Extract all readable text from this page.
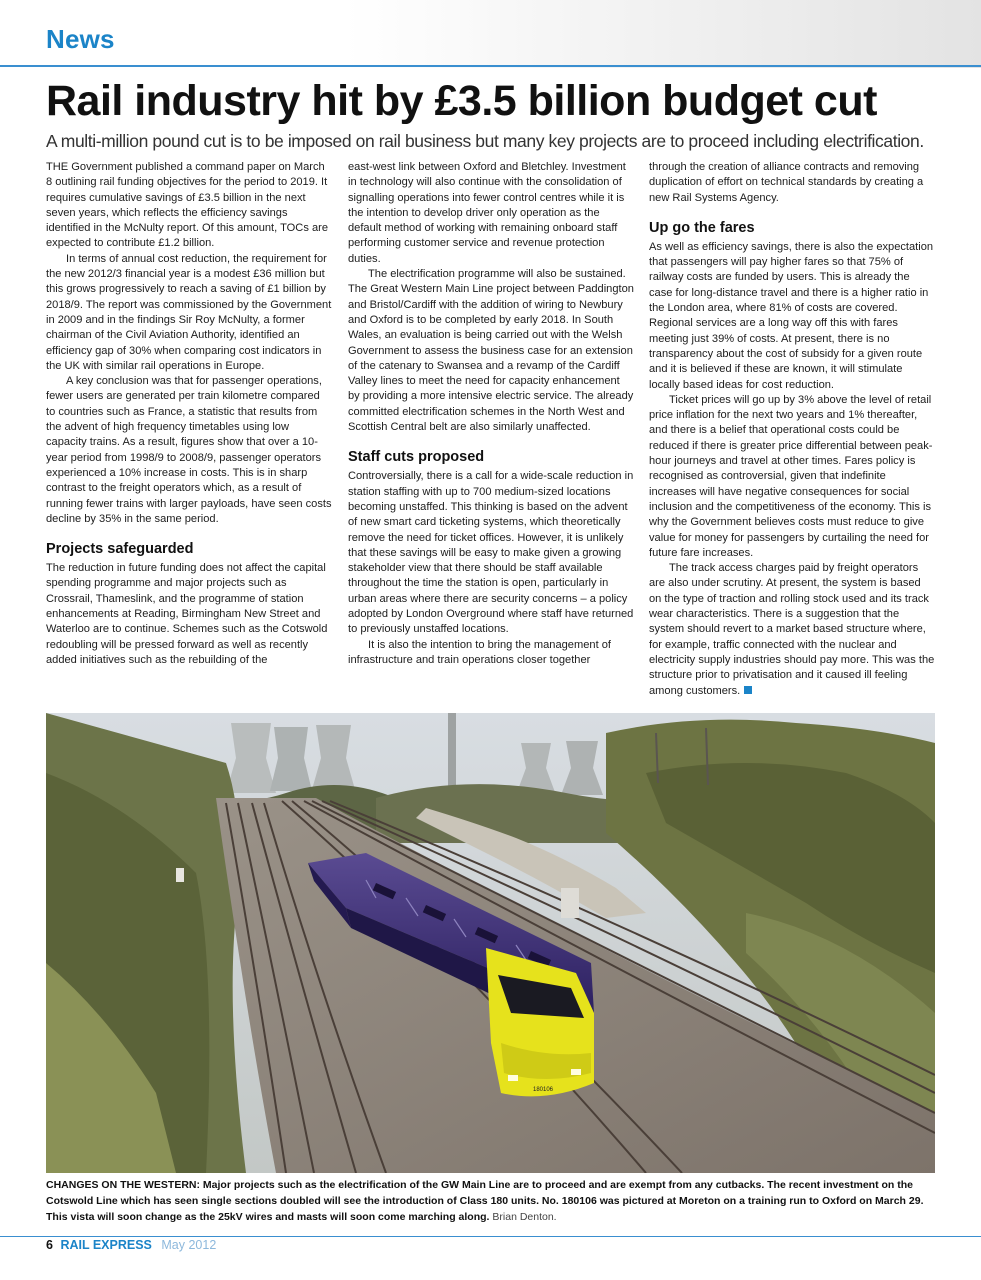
News
Rail industry hit by £3.5 billion budget cut
A multi-million pound cut is to be imposed on rail business but many key projects are to proceed including electrification.

THE Government published a command paper on March 8 outlining rail funding objectives for the period to 2019. It requires cumulative savings of £3.5 billion in the next seven years, which reflects the efficiency savings identified in the McNulty report. Of this amount, TOCs are expected to contribute £1.2 billion.

In terms of annual cost reduction, the requirement for the new 2012/3 financial year is a modest £36 million but this grows progressively to reach a saving of £1 billion by 2018/9. The report was commissioned by the Government in 2009 and in the findings Sir Roy McNulty, a former chairman of the Civil Aviation Authority, identified an efficiency gap of 30% when comparing cost indicators in the UK with similar rail operations in Europe.

A key conclusion was that for passenger operations, fewer users are generated per train kilometre compared to countries such as France, a statistic that results from the advent of high frequency timetables using low capacity trains. As a result, figures show that over a 10-year period from 1998/9 to 2008/9, passenger operators experienced a 10% increase in costs. This is in sharp contrast to the freight operators which, as a result of running fewer trains with larger payloads, have seen costs decline by 35% in the same period.

Projects safeguarded

The reduction in future funding does not affect the capital spending programme and major projects such as Crossrail, Thameslink, and the programme of station enhancements at Reading, Birmingham New Street and Waterloo are to continue. Schemes such as the Cotswold redoubling will be pressed forward as well as recently added initiatives such as the rebuilding of the

east-west link between Oxford and Bletchley. Investment in technology will also continue with the consolidation of signalling operations into fewer control centres while it is the intention to develop driver only operation as the default method of working with remaining onboard staff performing customer service and revenue protection duties.

The electrification programme will also be sustained. The Great Western Main Line project between Paddington and Bristol/Cardiff with the addition of wiring to Newbury and Oxford is to be completed by early 2018. In South Wales, an evaluation is being carried out with the Welsh Government to assess the business case for an extension of the catenary to Swansea and a revamp of the Cardiff Valley lines to meet the need for capacity enhancement by providing a more intensive electric service. The already committed electrification schemes in the North West and Scottish Central belt are also similarly unaffected.

Staff cuts proposed

Controversially, there is a call for a wide-scale reduction in station staffing with up to 700 medium-sized locations becoming unstaffed. This thinking is based on the advent of new smart card ticketing systems, which theoretically remove the need for ticket offices. However, it is unlikely that these savings will be easy to make given a growing stakeholder view that there should be staff available throughout the time the station is open, particularly in urban areas where there are security concerns – a policy adopted by London Overground where staff have returned to previously unstaffed locations.

It is also the intention to bring the management of infrastructure and train operations closer together

through the creation of alliance contracts and removing duplication of effort on technical standards by creating a new Rail Systems Agency.

Up go the fares

As well as efficiency savings, there is also the expectation that passengers will pay higher fares so that 75% of railway costs are funded by users. This is already the case for long-distance travel and there is a higher ratio in the London area, where 81% of costs are covered. Regional services are a long way off this with fares meeting just 39% of costs. At present, there is no transparency about the cost of subsidy for a given route and it is believed if these are known, it will stimulate locally based ideas for cost reduction.

Ticket prices will go up by 3% above the level of retail price inflation for the next two years and 1% thereafter, and there is a belief that operational costs could be reduced if there is greater price differential between peak-hour journeys and travel at other times. Fares policy is recognised as controversial, given that indefinite increases will have negative consequences for social inclusion and the competitiveness of the economy. This is why the Government believes costs must reduce to give value for money for passengers by curtailing the need for future fare increases.

The track access charges paid by freight operators are also under scrutiny. At present, the system is based on the type of traction and rolling stock used and its track wear characteristics. There is a suggestion that the system should revert to a market based structure where, for example, traffic connected with the nuclear and electricity supply industries should pay more. This was the structure prior to privatisation and it caused ill feeling among customers.

180106
CHANGES ON THE WESTERN: Major projects such as the electrification of the GW Main Line are to proceed and are exempt from any cutbacks. The recent investment on the Cotswold Line which has seen single sections doubled will see the introduction of Class 180 units. No. 180106 was pictured at Moreton on a training run to Oxford on March 29. This vista will soon change as the 25kV wires and masts will soon come marching along. Brian Denton.
6 RAIL EXPRESS May 2012
